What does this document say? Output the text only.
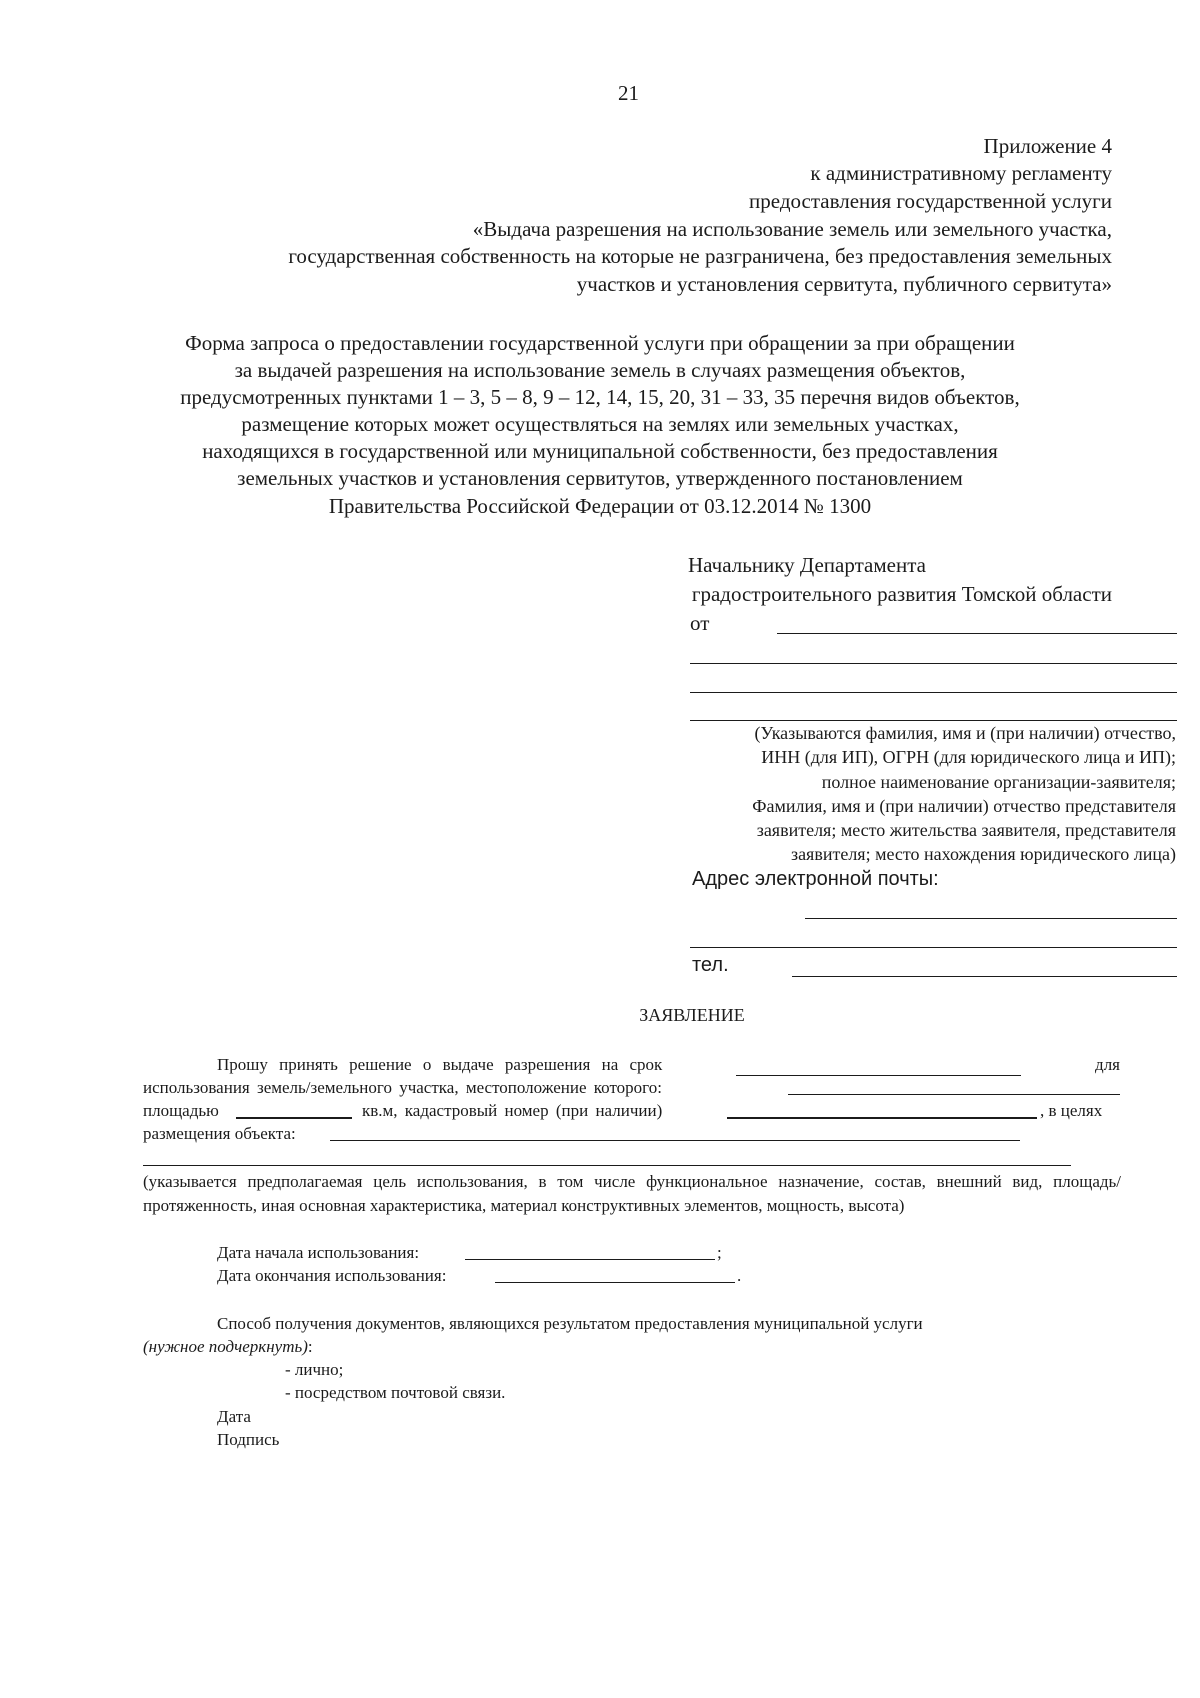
21
Приложение 4
к административному регламенту
предоставления государственной услуги
«Выдача разрешения на использование земель или земельного участка,
государственная собственность на которые не разграничена, без предоставления земельных
участков и установления сервитута, публичного сервитута»
Форма запроса о предоставлении государственной услуги при обращении за при обращении
за выдачей разрешения на использование земель в случаях размещения объектов,
предусмотренных пунктами 1 – 3, 5 – 8, 9 – 12, 14, 15, 20, 31 – 33, 35 перечня видов объектов,
размещение которых может осуществляться на землях или земельных участках,
находящихся в государственной или муниципальной собственности, без предоставления
земельных участков и установления сервитутов, утвержденного постановлением
Правительства Российской Федерации от 03.12.2014 № 1300
Начальнику Департамента
градостроительного развития Томской области
от
(Указываются фамилия, имя и (при наличии) отчество,
ИНН (для ИП), ОГРН (для юридического лица и ИП);
полное наименование организации-заявителя;
Фамилия, имя и (при наличии) отчество представителя
заявителя; место жительства заявителя, представителя
заявителя; место нахождения юридического лица)
Адрес электронной почты:
тел.
ЗАЯВЛЕНИЕ
Прошу принять решение о выдаче разрешения на срок	для
использования земель/земельного участка, местоположение которого:
площадью	кв.м, кадастровый номер (при наличии)	, в целях
размещения объекта:
(указывается предполагаемая цель использования, в том числе функциональное назначение, состав, внешний вид, площадь/протяженность, иная основная характеристика, материал конструктивных элементов, мощность, высота)
Дата начала использования:	;
Дата окончания использования:	.
Способ получения документов, являющихся результатом предоставления муниципальной услуги
(нужное подчеркнуть):
- лично;
- посредством почтовой связи.
Дата
Подпись
